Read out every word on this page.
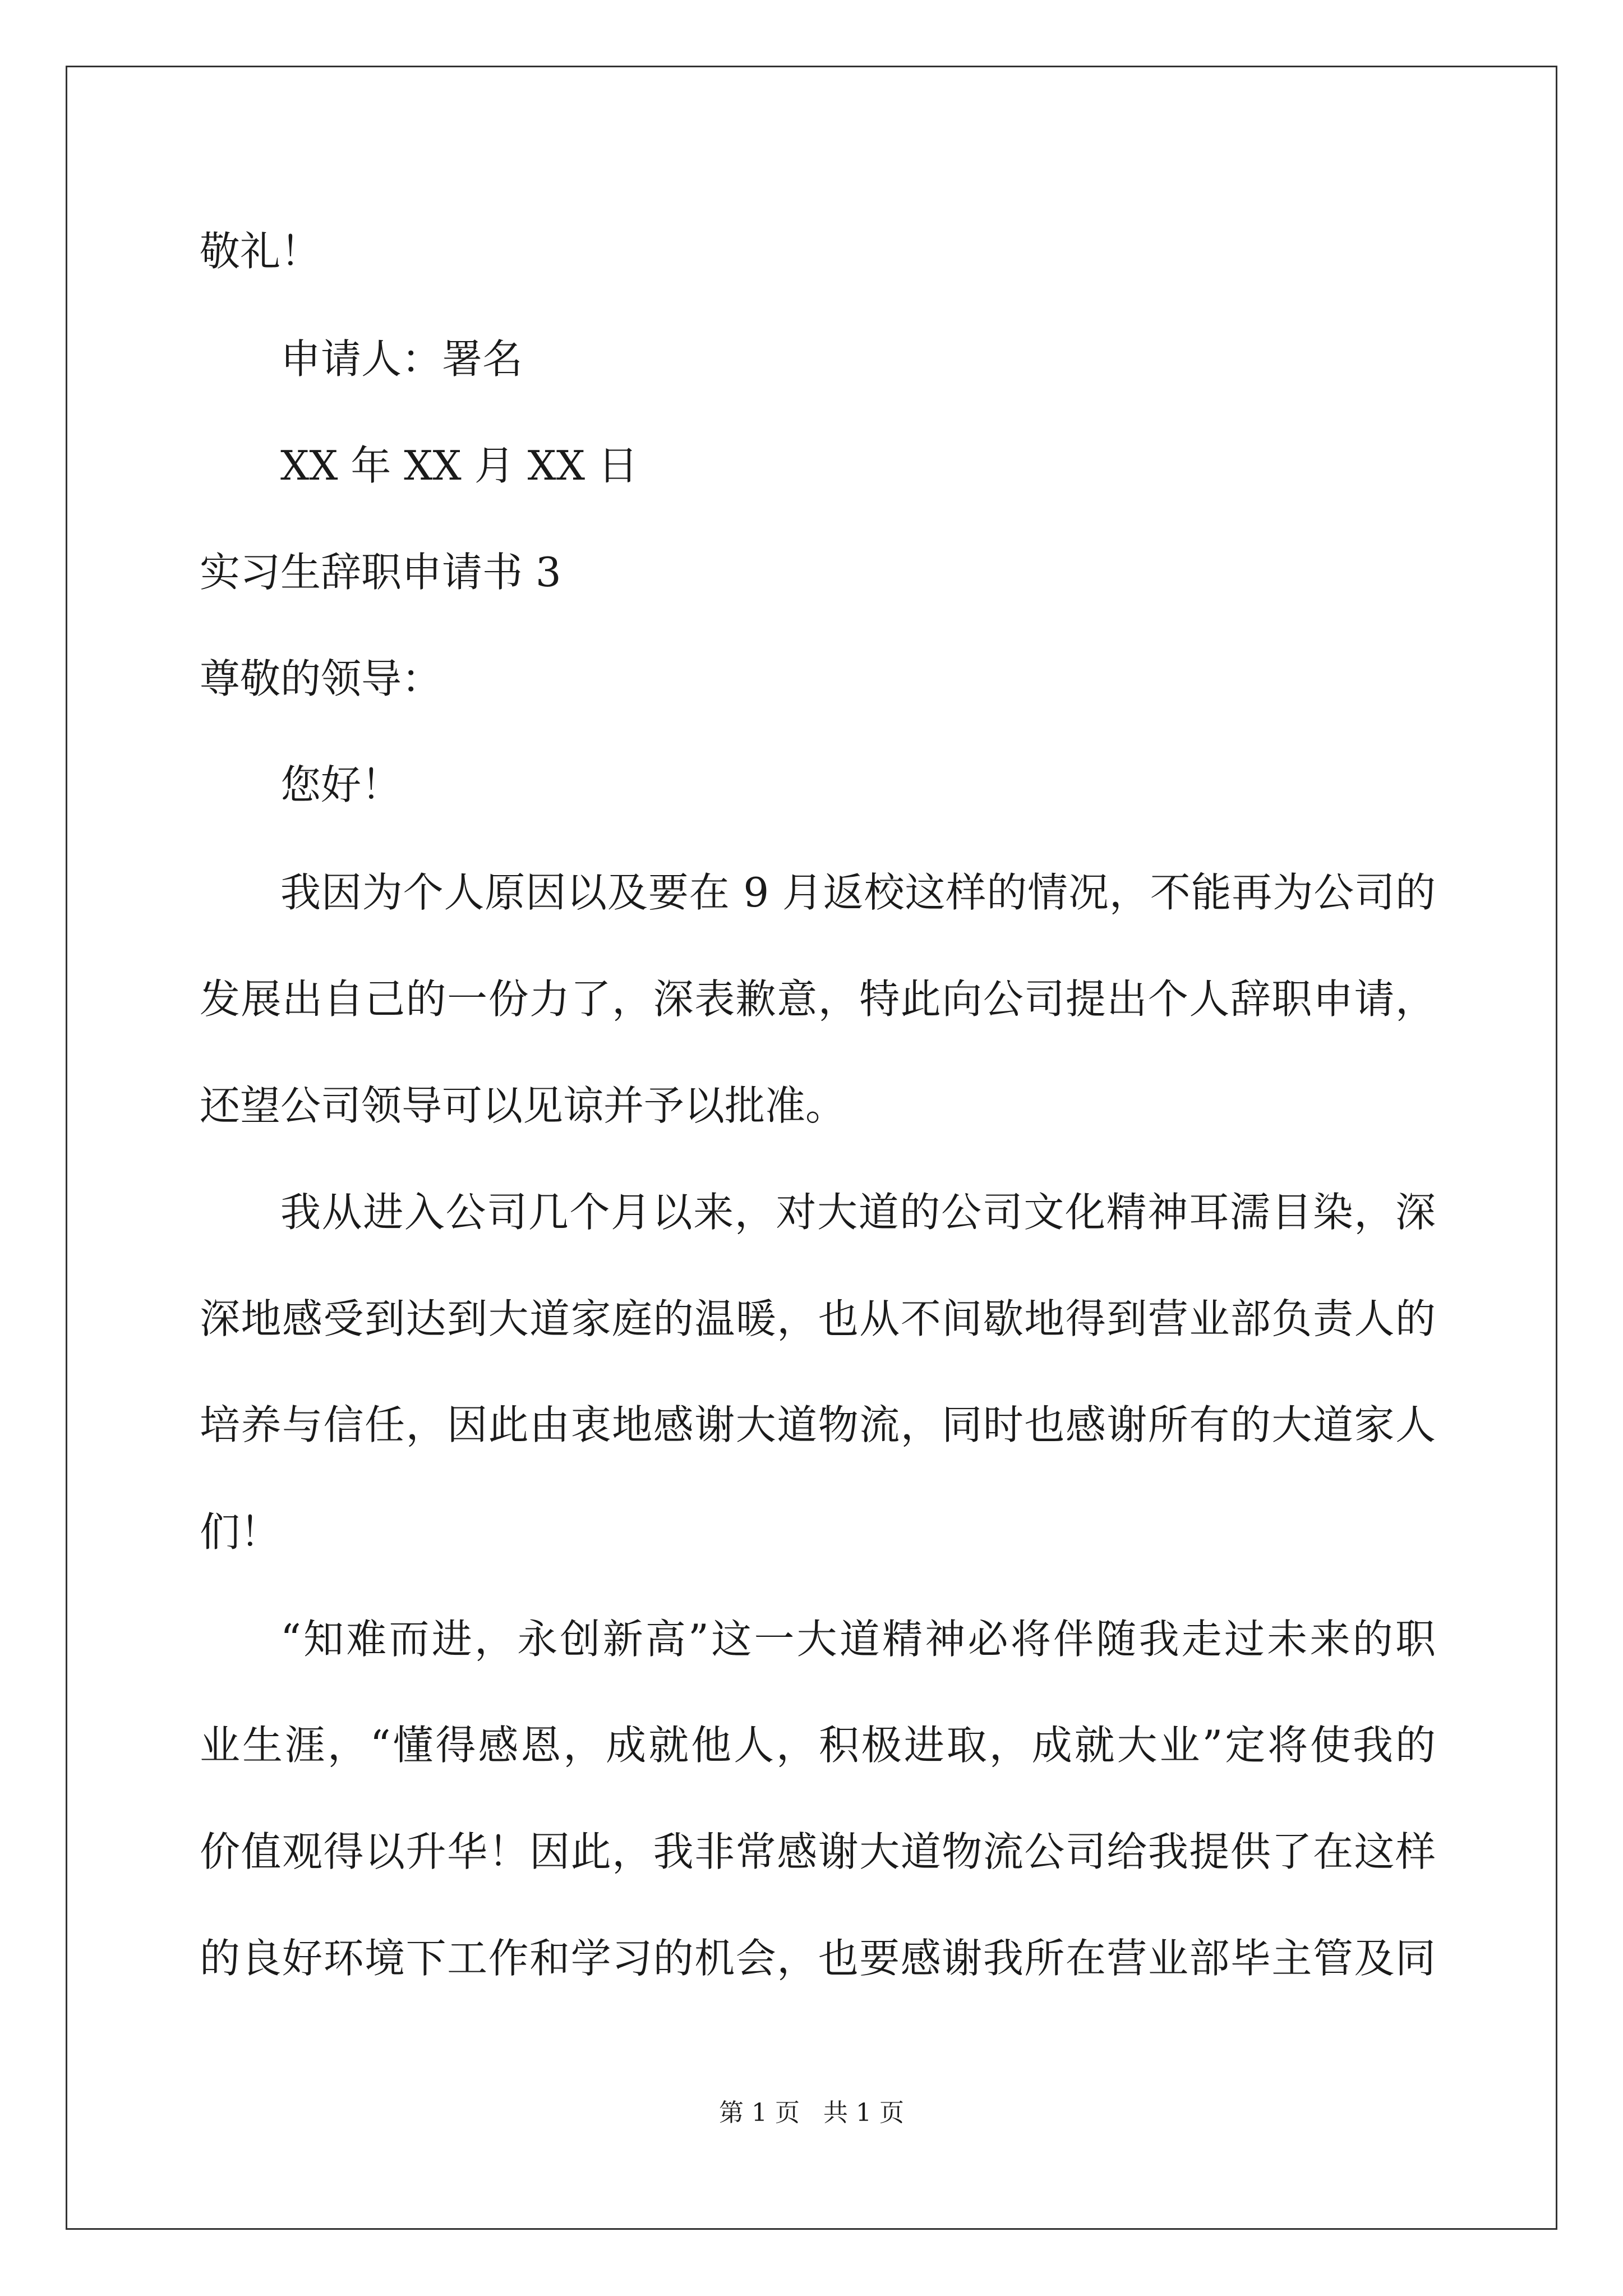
敬礼！
申请人：署名
XX 年 XX 月 XX 日
实习生辞职申请书 3
尊敬的领导：
您好！
我因为个人原因以及要在 9 月返校这样的情况，不能再为公司的
发展出自己的一份力了，深表歉意，特此向公司提出个人辞职申请，
还望公司领导可以见谅并予以批准。
我从进入公司几个月以来，对大道的公司文化精神耳濡目染，深
深地感受到达到大道家庭的温暖，也从不间歇地得到营业部负责人的
培养与信任，因此由衷地感谢大道物流，同时也感谢所有的大道家人
们！
“知难而进，永创新高”这一大道精神必将伴随我走过未来的职
业生涯，“懂得感恩，成就他人，积极进取，成就大业”定将使我的
价值观得以升华！因此，我非常感谢大道物流公司给我提供了在这样
的良好环境下工作和学习的机会，也要感谢我所在营业部毕主管及同
第 1 页   共 1 页
